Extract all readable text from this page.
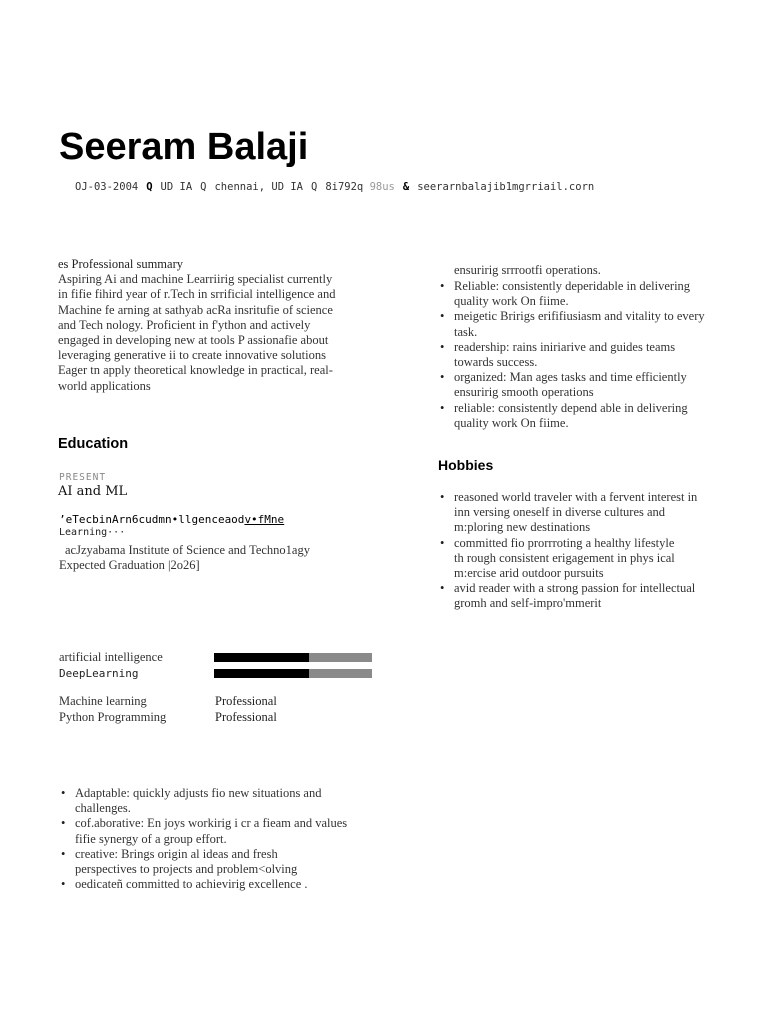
Seeram Balaji
OJ-03-2004 Q UD IA Q chennai, UD IA Q 8i792q 98us & seerarnbalajib1mgrriail.corn
es Professional summary
Aspiring Ai and machine Learriirig specialist currently
in fifie fihird year of r.Tech in srrificial intelligence and
Machine fe arning at sathyab acRa insritufie of science
and Tech nology. Proficient in f'ython and actively
engaged in developing new at tools P assionafie about
leveraging generative ii to create innovative solutions
Eager tn apply theoretical knowledge in practical, real-
world applications
Education
PRESENT
AI and ML
’eTecbinArn6cudmn•llgenceaodv•fMne
Learning···
acJzyabama Institute of Science and Techno1agy
Expected Graduation |2o26]
artificial intelligence
DeepLearning
Machine learning	Professional
Python Programming	Professional
• Adaptable: quickly adjusts fio new situations and
challenges.
• cof.aborative: En joys workirig i cr a fieam and values
fifie synergy of a group effort.
• creative: Brings origin al ideas and fresh
perspectives to projects and problem<olving
• oedicateñ committed to achievirig excellence .
ensuririg srrrootfi operations.
• Reliable: consistently deperidable in delivering
quality work On fiime.
• meigetic Bririgs erififiusiasm and vitality to every
task.
• readership: rains iniriarive and guides teams
towards success.
• organized: Man ages tasks and time efficiently
ensuririg smooth operations
• reliable: consistently depend able in delivering
quality work On fiime.
Hobbies
• reasoned world traveler with a fervent interest in
inn versing oneself in diverse cultures and
m:ploring new destinations
• committed fio prorrroting a healthy lifestyle
th rough consistent erigagement in phys ical
m:ercise arid outdoor pursuits
• avid reader with a strong passion for intellectual
gromh and self-impro'mmerit
